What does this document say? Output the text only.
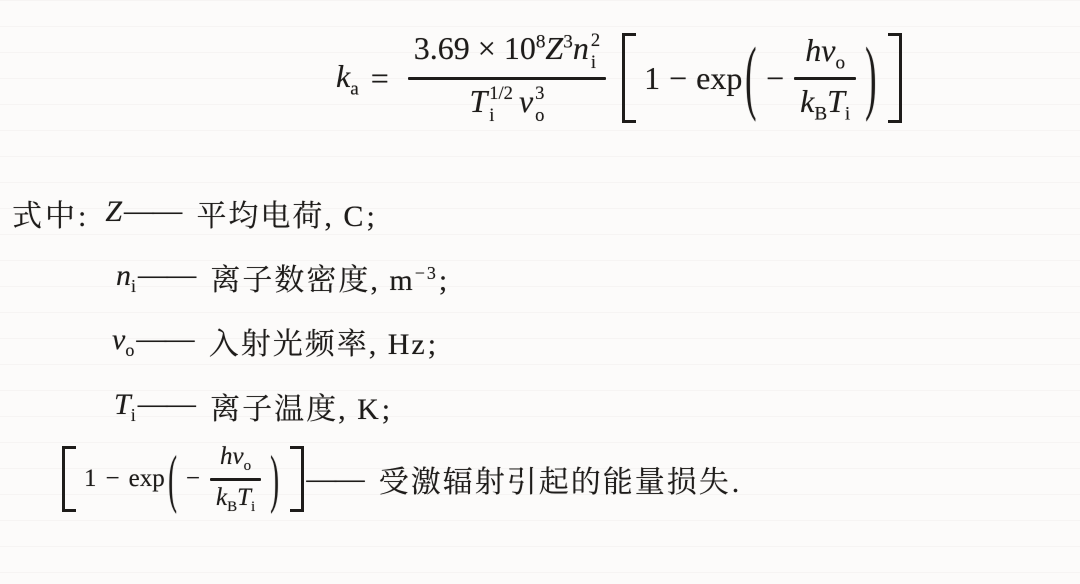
$k_a = 3.69 \times 10^8Z^3n$ 2
i
T 1/2
i ν 3
o 1 − exp ( − $\frac{h\nu_o}{k_BT_i}$ )
式中: Z —— 平均电荷, C;
$n_i$ —— 离子数密度, $m^{-3}$;
$\nu_o$ —— 入射光频率, Hz;
$T_i$ —— 离子温度, K;
1 − exp ( − $\frac{h\nu_o}{k_BT_i}$ ) —— 受激辐射引起的能量损失.
